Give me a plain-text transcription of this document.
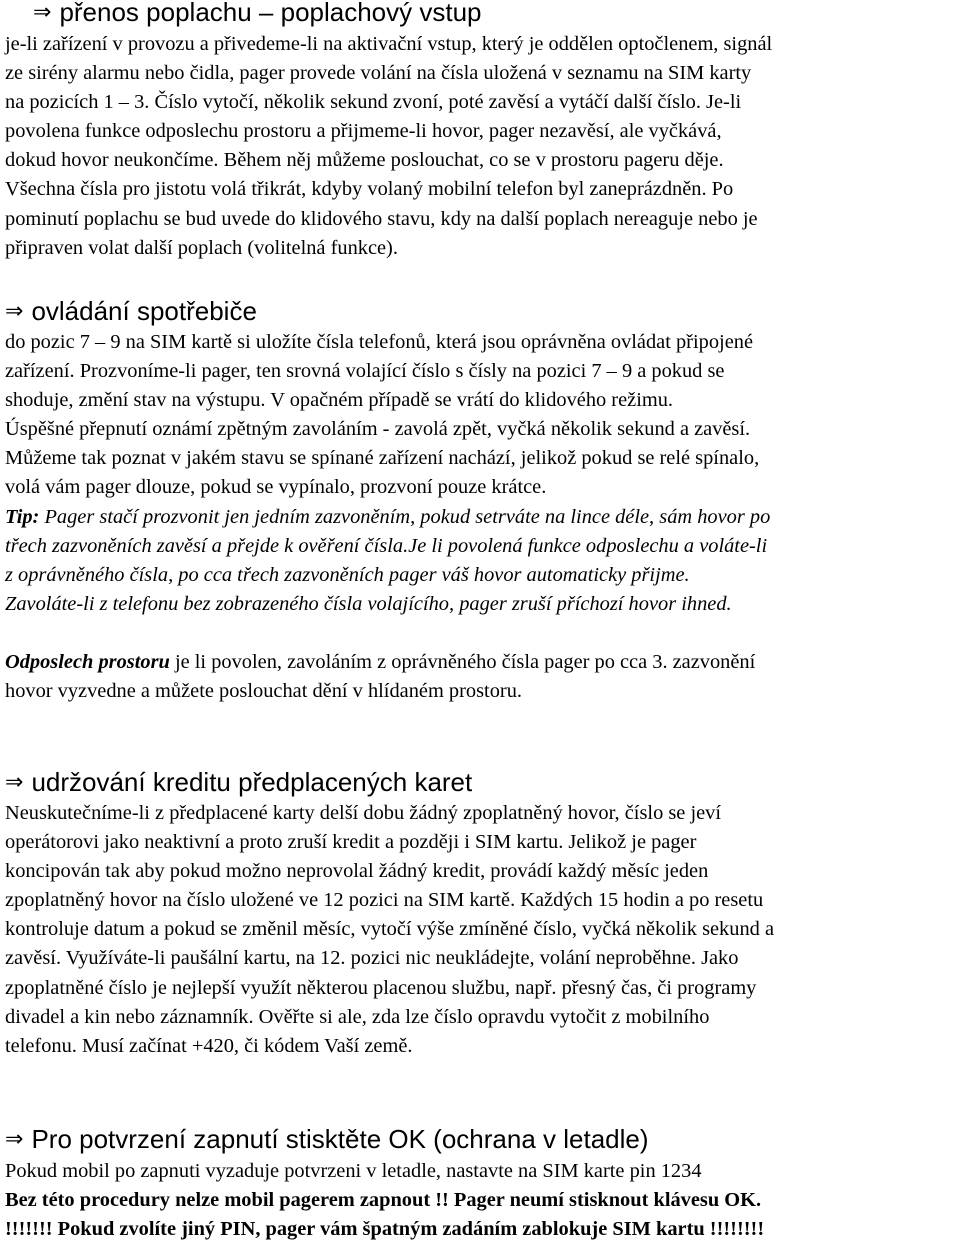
⇒ přenos poplachu – poplachový vstup

je-li zařízení v provozu a přivedeme-li na aktivační vstup, který je oddělen optočlenem, signál

ze sirény alarmu nebo čidla, pager provede volání na čísla uložená v seznamu na SIM karty

na pozicích 1 – 3. Číslo vytočí, několik sekund zvoní, poté zavěsí a vytáčí další číslo. Je-li

povolena funkce odposlechu prostoru a přijmeme-li hovor, pager nezavěsí, ale vyčkává,

dokud hovor neukončíme. Během něj můžeme poslouchat, co se v prostoru pageru děje.

Všechna čísla pro jistotu volá třikrát, kdyby volaný mobilní telefon byl zaneprázdněn. Po

pominutí poplachu se bud uvede do klidového stavu, kdy na další poplach nereaguje nebo je

připraven volat další poplach (volitelná funkce).

⇒ ovládání spotřebiče

do pozic 7 – 9 na SIM kartě si uložíte čísla telefonů, která jsou oprávněna ovládat připojené

zařízení. Prozvoníme-li pager, ten srovná volající číslo s čísly na pozici 7 – 9 a pokud se

shoduje, změní stav na výstupu. V opačném případě se vrátí do klidového režimu.

Úspěšné přepnutí oznámí zpětným zavoláním - zavolá zpět, vyčká několik sekund a zavěsí.

Můžeme tak poznat v jakém stavu se spínané zařízení nachází, jelikož pokud se relé spínalo,

volá vám pager dlouze, pokud se vypínalo, prozvoní pouze krátce.

Tip: Pager stačí prozvonit jen jedním zazvoněním, pokud setrváte na lince déle, sám hovor po

třech zazvoněních zavěsí a přejde k ověření čísla.Je li povolená funkce odposlechu a voláte-li

z oprávněného čísla, po cca třech zazvoněních pager váš hovor automaticky přijme.

Zavoláte-li z telefonu bez zobrazeného čísla volajícího, pager zruší příchozí hovor ihned.

Odposlech prostoru je li povolen, zavoláním z oprávněného čísla pager po cca 3. zazvonění

hovor vyzvedne a můžete poslouchat dění v hlídaném prostoru.

⇒ udržování kreditu předplacených karet

Neuskutečníme-li z předplacené karty delší dobu žádný zpoplatněný hovor, číslo se jeví

operátorovi jako neaktivní a proto zruší kredit a později i SIM kartu. Jelikož je pager

koncipován tak aby pokud možno neprovolal žádný kredit, provádí každý měsíc jeden

zpoplatněný hovor na číslo uložené ve 12 pozici na SIM kartě. Každých 15 hodin a po resetu

kontroluje datum a pokud se změnil měsíc, vytočí výše zmíněné číslo, vyčká několik sekund a

zavěsí. Využíváte-li paušální kartu, na 12. pozici nic neukládejte, volání neproběhne. Jako

zpoplatněné číslo je nejlepší využít některou placenou službu, např. přesný čas, či programy

divadel a kin nebo záznamník. Ověřte si ale, zda lze číslo opravdu vytočit z mobilního

telefonu. Musí začínat +420, či kódem Vaší země.

⇒ Pro potvrzení zapnutí stisktěte OK (ochrana v letadle)

Pokud mobil po zapnuti vyzaduje potvrzeni v letadle, nastavte na SIM karte pin 1234

Bez této procedury nelze mobil pagerem zapnout !! Pager neumí stisknout klávesu OK.

!!!!!!! Pokud zvolíte jiný PIN, pager vám špatným zadáním zablokuje SIM kartu !!!!!!!!
